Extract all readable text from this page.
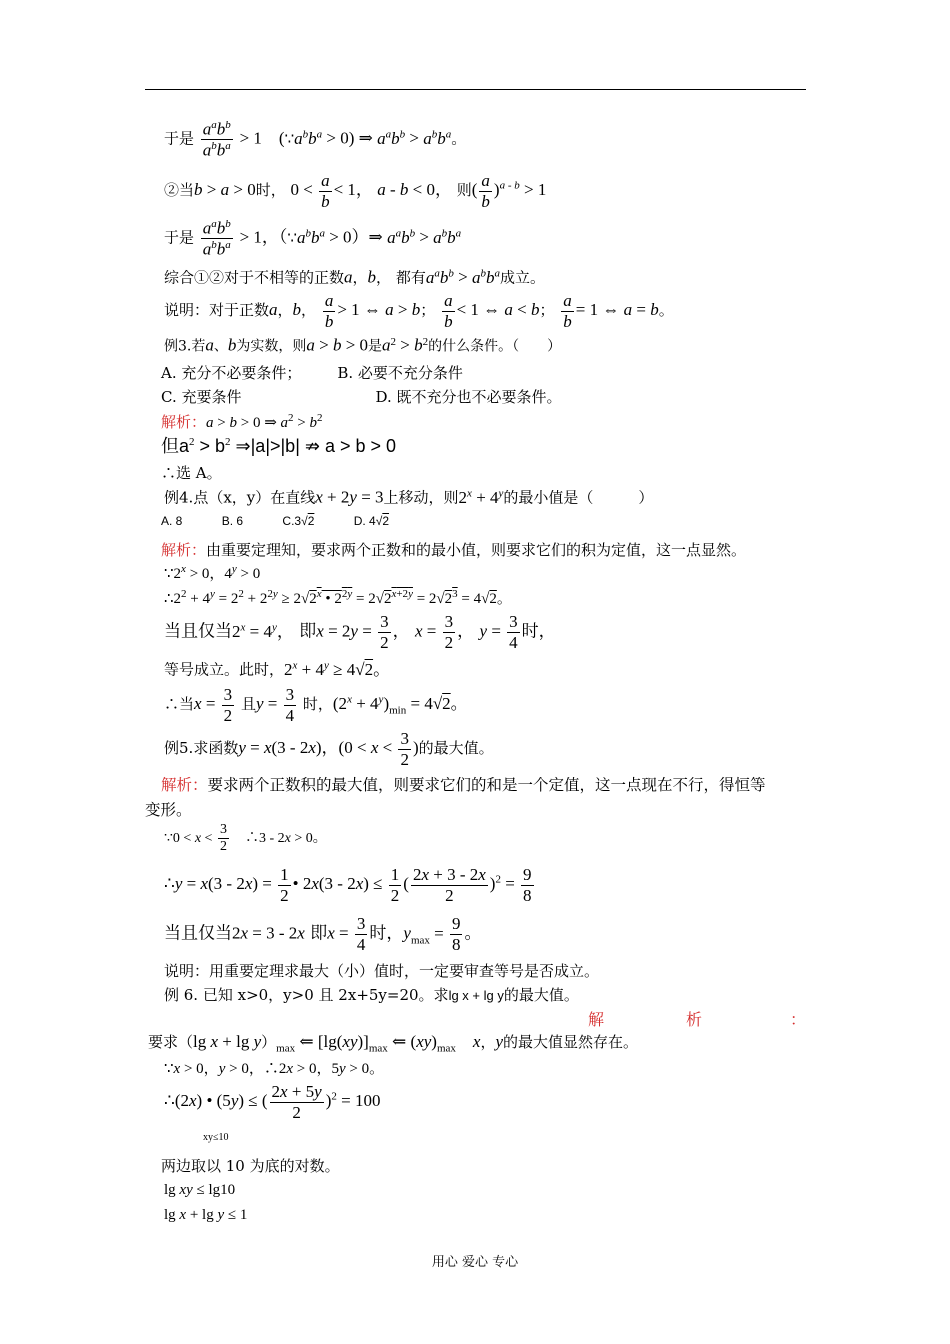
于是
$a^ab^b$
$a^bb^a > 1$　$(\because a^bb^a > 0)$ ⇒ $a^ab^b > a^bb^a$。
②当b > a > 0时， $0 < \frac{a}{b} < 1$， a - b < 0， 则( $\frac{a}{b} )^{a - b} > 1$
于是
$a^ab^b$
$a^bb^a > 1$，（$\because a^bb^a$ > 0）⇒ $a^ab^b > a^bb^a$
综合①②对于不相等的正数a，b， 都有$a^ab^b > a^bb^a$成立。
说明：对于正数a，b， $\frac{a}{b} > 1$ ⇔ a > b； $\frac{a}{b} < 1$ ⇔ a < b； $\frac{a}{b} = 1$ ⇔ a = b。
例3.若a、b为实数，则a > b > 0是$a^2 > b^2$的什么条件。（　　）
A. 充分不必要条件； B. 必要不充分条件
C. 充要条件	D. 既不充分也不必要条件。
解析：a > b > 0 ⇒ $a^2 > b^2$
但$a^2 > b^2$ ⇒|a|>|b| ⇏ a > b > 0
∴选 A。
例4.点（x，y）在直线x + 2y = 3上移动，则$2^x + 4^y$的最小值是（　　　）
A. 8	B. 6	C.3√2	D. 4√2
解析：由重要定理知，要求两个正数和的最小值，则要求它们的积为定值，这一点显然。
$\because 2^x > 0$，$4^y > 0$
$\therefore 2^2 + 4^y = 2^2 + 2^{2y} \ge 2√2^x$ • $2^{2y} = 2√2^{x+2y} = 2√2^3 = 4√2$。
当且仅当$2^x = 4^y$， 即$x = 2y = \frac{3}{2}$ ， $x = \frac{3}{2}$ ， $y = \frac{3}{4}$ 时，
等号成立。此时，$2^x + 4^y \ge 4√2$。
∴当$x = \frac{3}{2}$ 且$y = \frac{3}{4}$ 时，$(2^x + 4^y)_{min} = 4√2$。
例5.求函数y = x(3 - 2x)，($0 < x < \frac{3}{2}$ )的最大值。
解析：要求两个正数积的最大值，则要求它们的和是一个定值，这一点现在不行，得恒等
变形。
∵0 < $x < \frac{3}{2}$ 　∴3 - 2x > 0。
∴y = $x(3 - 2x) = \frac{1}{2}$ • $2x(3 - 2x) \le \frac{1}{2}$ ( $\frac{2x + 3 - 2x}{2} )^2 = \frac{9}{8}$
当且仅当2x = 3 - 2x 即$x = \frac{3}{4}$ 时，$y_{max} = \frac{9}{8}$ 。
说明：用重要定理求最大（小）值时，一定要审查等号是否成立。
例 6. 已知 x>0，y>0 且 2x+5y=20。求lg x + lg y的最大值。
解	析	：
要求（lg $x + \lg y)_{max}$ ⇐ $[\lg(xy)]_{max}$ ⇐ $(xy)_{max}$　 x，y的最大值显然存在。
∵x > 0，y > 0，∴2x > 0，5y > 0。
∴(2x) • (5y) ≤ ( $\frac{2x + 5y}{2} )^2 = 100$
xy≤10
两边取以 10 为底的对数。
lg xy ≤ lg10
lg x + lg y ≤ 1
用心 爱心 专心
